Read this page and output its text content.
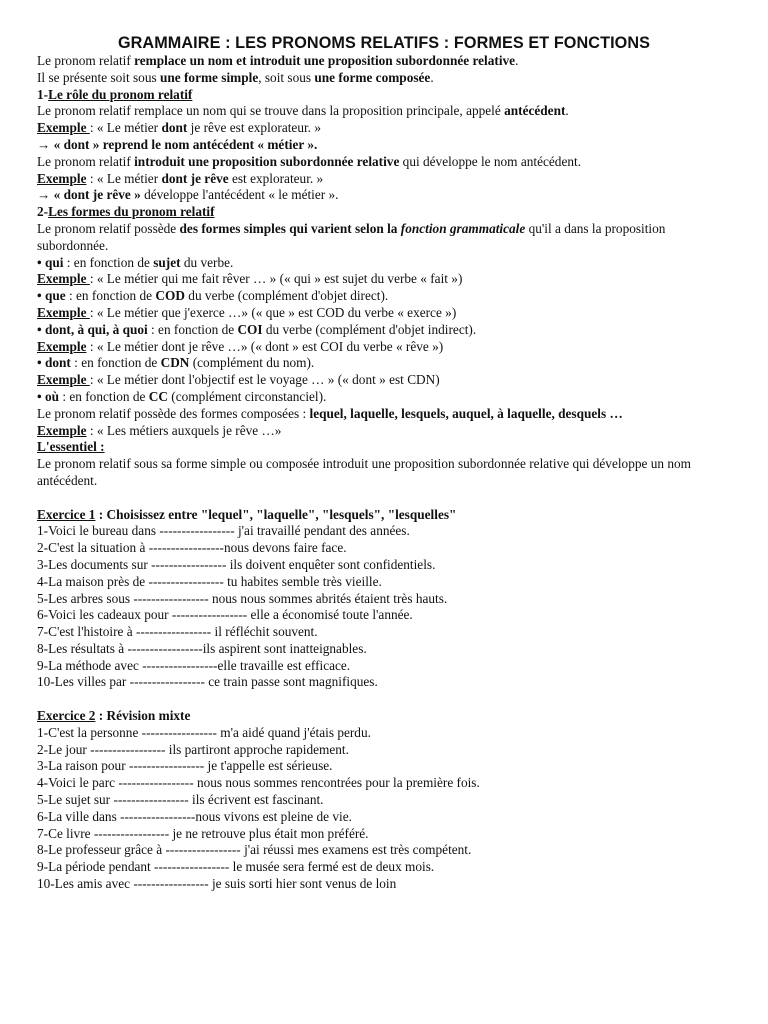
GRAMMAIRE : LES PRONOMS RELATIFS : FORMES ET FONCTIONS
Le pronom relatif remplace un nom et introduit une proposition subordonnée relative.
Il se présente soit sous une forme simple, soit sous une forme composée.
1-Le rôle du pronom relatif
Le pronom relatif remplace un nom qui se trouve dans la proposition principale, appelé antécédent.
Exemple : « Le métier dont je rêve est explorateur. »
→ « dont » reprend le nom antécédent « métier ».
Le pronom relatif introduit une proposition subordonnée relative qui développe le nom antécédent.
Exemple : « Le métier dont je rêve est explorateur. »
→ « dont je rêve » développe l'antécédent « le métier ».
2-Les formes du pronom relatif
Le pronom relatif possède des formes simples qui varient selon la fonction grammaticale qu'il a dans la proposition subordonnée.
• qui : en fonction de sujet du verbe.
Exemple : « Le métier qui me fait rêver … » (« qui » est sujet du verbe « fait »)
• que : en fonction de COD du verbe (complément d'objet direct).
Exemple : « Le métier que j'exerce …» (« que » est COD du verbe « exerce »)
• dont, à qui, à quoi : en fonction de COI du verbe (complément d'objet indirect).
Exemple : « Le métier dont je rêve …» (« dont » est COI du verbe « rêve »)
• dont : en fonction de CDN (complément du nom).
Exemple : « Le métier dont l'objectif est le voyage … » (« dont » est CDN)
• où : en fonction de CC (complément circonstanciel).
Le pronom relatif possède des formes composées : lequel, laquelle, lesquels, auquel, à laquelle, desquels …
Exemple : « Les métiers auxquels je rêve …»
L'essentiel :
Le pronom relatif sous sa forme simple ou composée introduit une proposition subordonnée relative qui développe un nom antécédent.
Exercice 1 : Choisissez entre "lequel", "laquelle", "lesquels", "lesquelles"
1-Voici le bureau dans ----------------- j'ai travaillé pendant des années.
2-C'est la situation à -----------------nous devons faire face.
3-Les documents sur ----------------- ils doivent enquêter sont confidentiels.
4-La maison près de ----------------- tu habites semble très vieille.
5-Les arbres sous ----------------- nous nous sommes abrités étaient très hauts.
6-Voici les cadeaux pour ----------------- elle a économisé toute l'année.
7-C'est l'histoire à ----------------- il réfléchit souvent.
8-Les résultats à -----------------ils aspirent sont inatteignables.
9-La méthode avec -----------------elle travaille est efficace.
10-Les villes par ----------------- ce train passe sont magnifiques.
Exercice 2 : Révision mixte
1-C'est la personne ----------------- m'a aidé quand j'étais perdu.
2-Le jour ----------------- ils partiront approche rapidement.
3-La raison pour ----------------- je t'appelle est sérieuse.
4-Voici le parc ----------------- nous nous sommes rencontrées pour la première fois.
5-Le sujet sur ----------------- ils écrivent est fascinant.
6-La ville dans -----------------nous vivons est pleine de vie.
7-Ce livre ----------------- je ne retrouve plus était mon préféré.
8-Le professeur grâce à ----------------- j'ai réussi mes examens est très compétent.
9-La période pendant ----------------- le musée sera fermé est de deux mois.
10-Les amis avec ----------------- je suis sorti hier sont venus de loin
